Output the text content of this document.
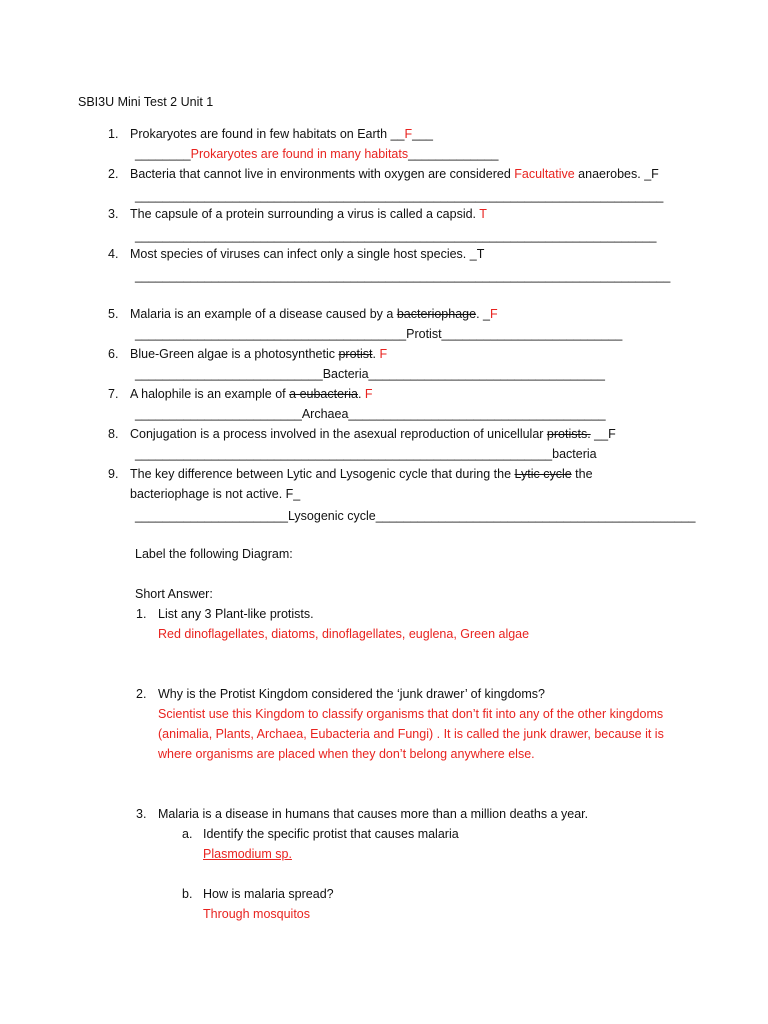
SBI3U Mini Test 2 Unit 1
1. Prokaryotes are found in few habitats on Earth __F___
________Prokaryotes are found in many habitats_____________
2. Bacteria that cannot live in environments with oxygen are considered Facultative anaerobes. _F
____________________________________________________________________________
3. The capsule of a protein surrounding a virus is called a capsid. T
___________________________________________________________________________
4. Most species of viruses can infect only a single host species. _T
_____________________________________________________________________________
5. Malaria is an example of a disease caused by a bacteriophage. _F
_______________________________________Protist__________________________
6. Blue-Green algae is a photosynthetic protist. F
___________________________Bacteria__________________________________
7. A halophile is an example of a eubacteria. F
________________________Archaea_____________________________________
8. Conjugation is a process involved in the asexual reproduction of unicellular protists. __F
____________________________________________________________bacteria
9. The key difference between Lytic and Lysogenic cycle that during the Lytic cycle the
bacteriophage is not active. F_
______________________Lysogenic cycle______________________________________________
Label the following Diagram:
Short Answer:
1. List any 3 Plant-like protists.
Red dinoflagellates, diatoms, dinoflagellates, euglena, Green algae
2. Why is the Protist Kingdom considered the ‘junk drawer’ of kingdoms?
Scientist use this Kingdom to classify organisms that don’t fit into any of the other kingdoms
(animalia, Plants, Archaea, Eubacteria and Fungi) . It is called the junk drawer, because it is
where organisms are placed when they don’t belong anywhere else.
3. Malaria is a disease in humans that causes more than a million deaths a year.
a. Identify the specific protist that causes malaria
Plasmodium sp.
b. How is malaria spread?
Through mosquitos
